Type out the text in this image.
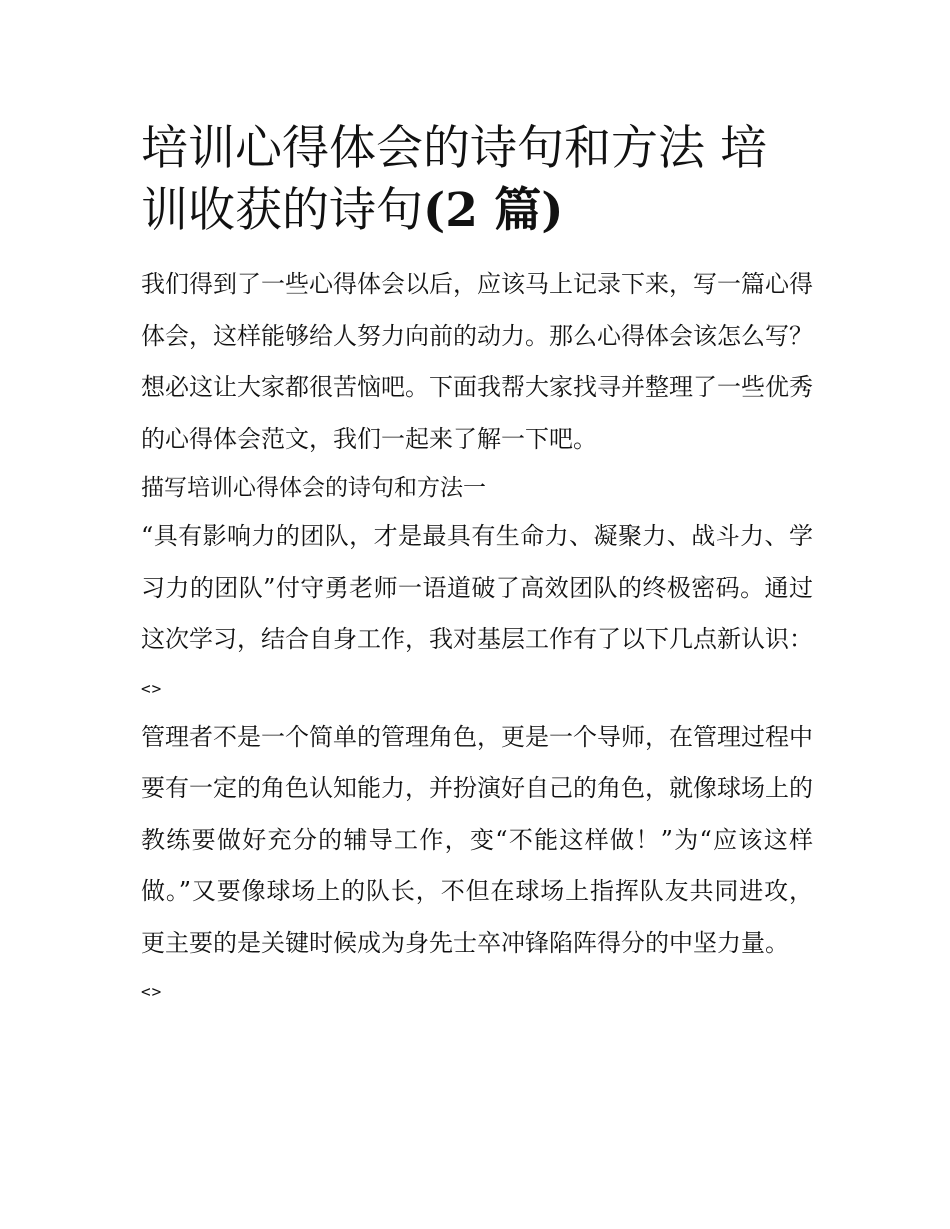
培训心得体会的诗句和方法 培
训收获的诗句(2 篇)

我们得到了一些心得体会以后，应该马上记录下来，写一篇心得体会，这样能够给人努力向前的动力。那么心得体会该怎么写？想必这让大家都很苦恼吧。下面我帮大家找寻并整理了一些优秀的心得体会范文，我们一起来了解一下吧。

描写培训心得体会的诗句和方法一

“具有影响力的团队，才是最具有生命力、凝聚力、战斗力、学习力的团队”付守勇老师一语道破了高效团队的终极密码。通过这次学习，结合自身工作，我对基层工作有了以下几点新认识：

<>

管理者不是一个简单的管理角色，更是一个导师，在管理过程中要有一定的角色认知能力，并扮演好自己的角色，就像球场上的教练要做好充分的辅导工作，变“不能这样做！”为“应该这样做。”又要像球场上的队长，不但在球场上指挥队友共同进攻，更主要的是关键时候成为身先士卒冲锋陷阵得分的中坚力量。

<>
